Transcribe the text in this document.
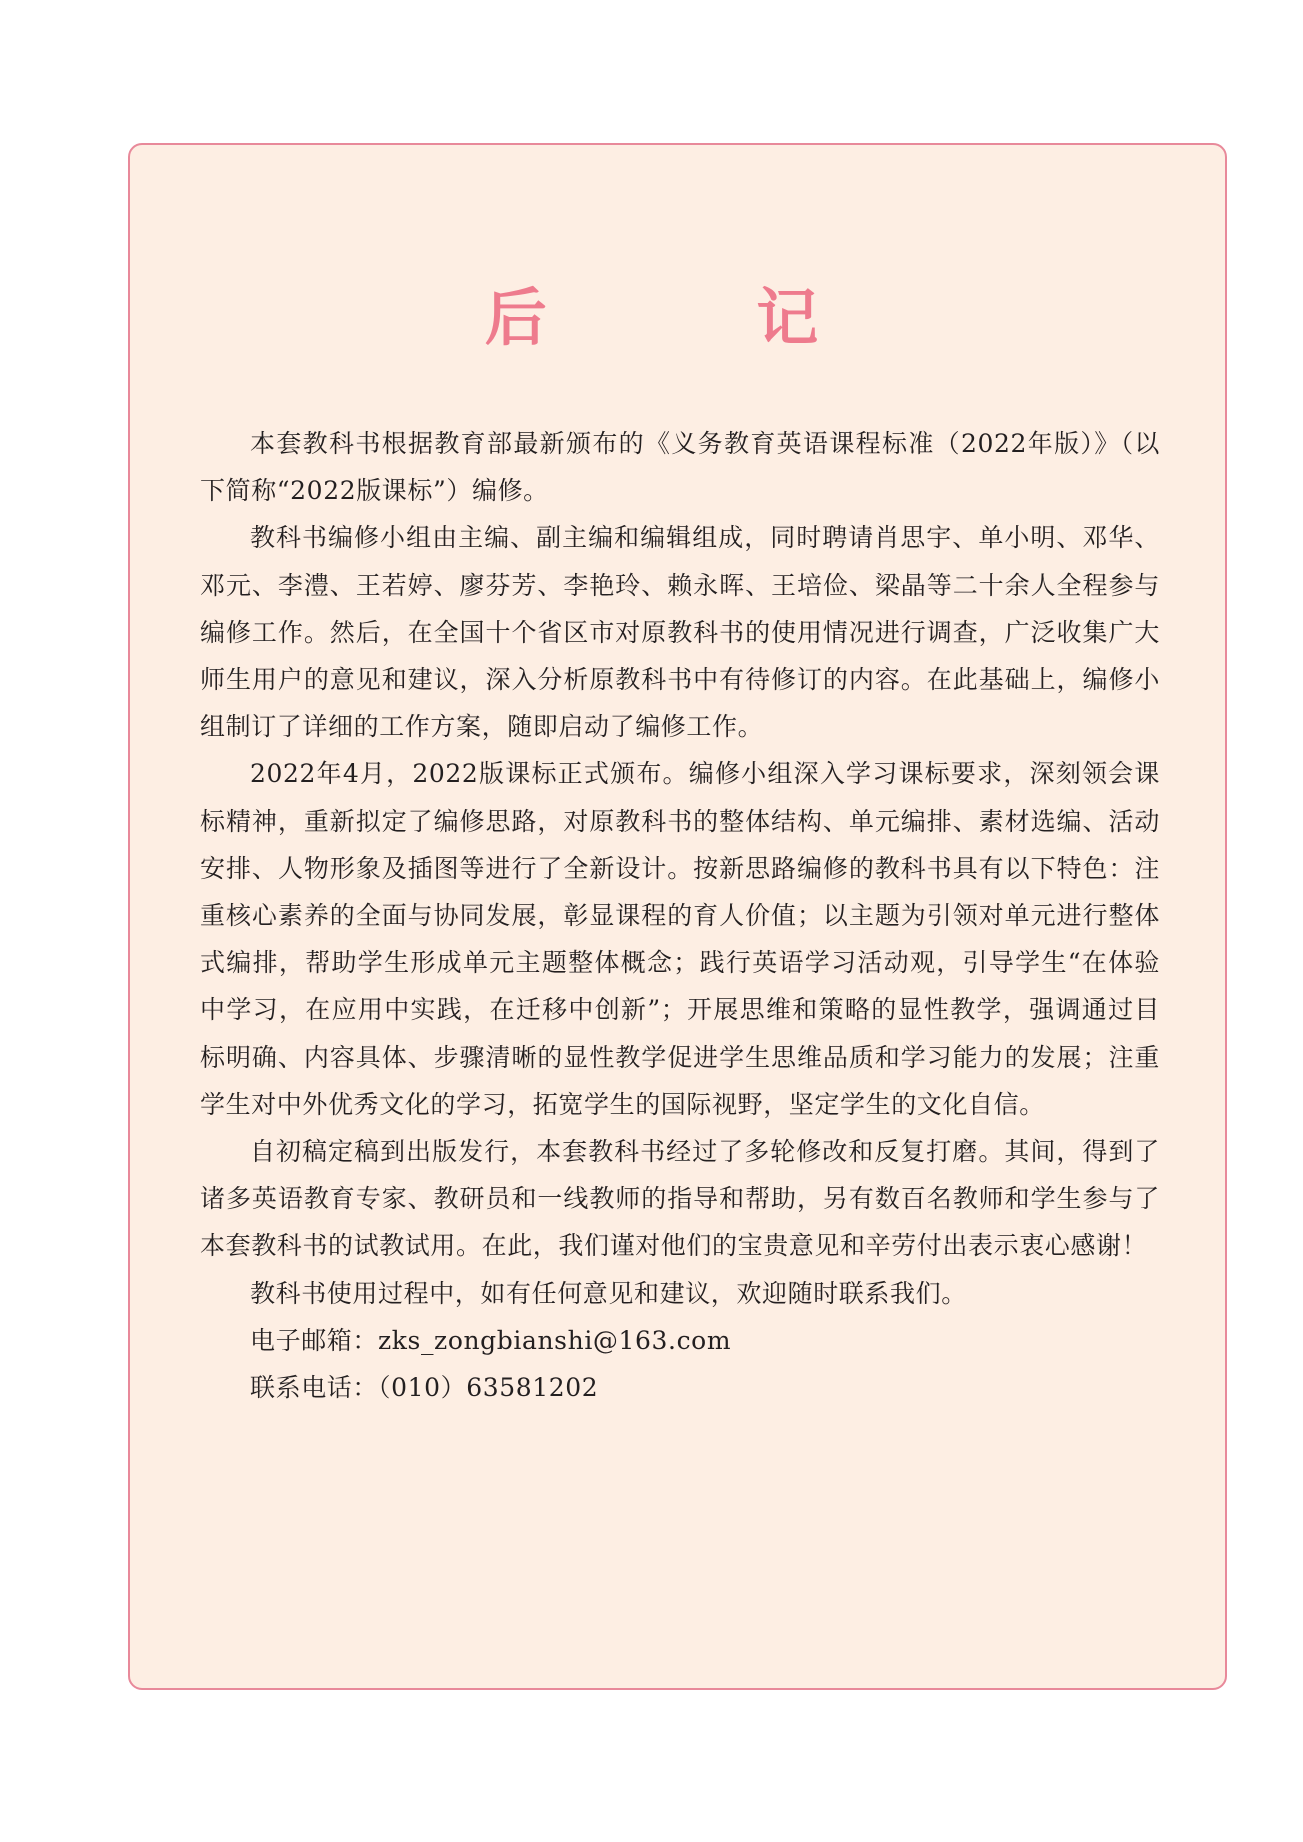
后 记

本套教科书根据教育部最新颁布的《义务教育英语课程标准（2022年版）》（以下简称“2022版课标”）编修。

教科书编修小组由主编、副主编和编辑组成，同时聘请肖思宇、单小明、邓华、邓元、李澧、王若婷、廖芬芳、李艳玲、赖永晖、王培俭、梁晶等二十余人全程参与编修工作。然后，在全国十个省区市对原教科书的使用情况进行调查，广泛收集广大师生用户的意见和建议，深入分析原教科书中有待修订的内容。在此基础上，编修小组制订了详细的工作方案，随即启动了编修工作。

2022年4月，2022版课标正式颁布。编修小组深入学习课标要求，深刻领会课标精神，重新拟定了编修思路，对原教科书的整体结构、单元编排、素材选编、活动安排、人物形象及插图等进行了全新设计。按新思路编修的教科书具有以下特色：注重核心素养的全面与协同发展，彰显课程的育人价值；以主题为引领对单元进行整体式编排，帮助学生形成单元主题整体概念；践行英语学习活动观，引导学生“在体验中学习，在应用中实践，在迁移中创新”；开展思维和策略的显性教学，强调通过目标明确、内容具体、步骤清晰的显性教学促进学生思维品质和学习能力的发展；注重学生对中外优秀文化的学习，拓宽学生的国际视野，坚定学生的文化自信。

自初稿定稿到出版发行，本套教科书经过了多轮修改和反复打磨。其间，得到了诸多英语教育专家、教研员和一线教师的指导和帮助，另有数百名教师和学生参与了本套教科书的试教试用。在此，我们谨对他们的宝贵意见和辛劳付出表示衷心感谢！

教科书使用过程中，如有任何意见和建议，欢迎随时联系我们。

电子邮箱：zks_zongbianshi@163.com

联系电话：（010）63581202
